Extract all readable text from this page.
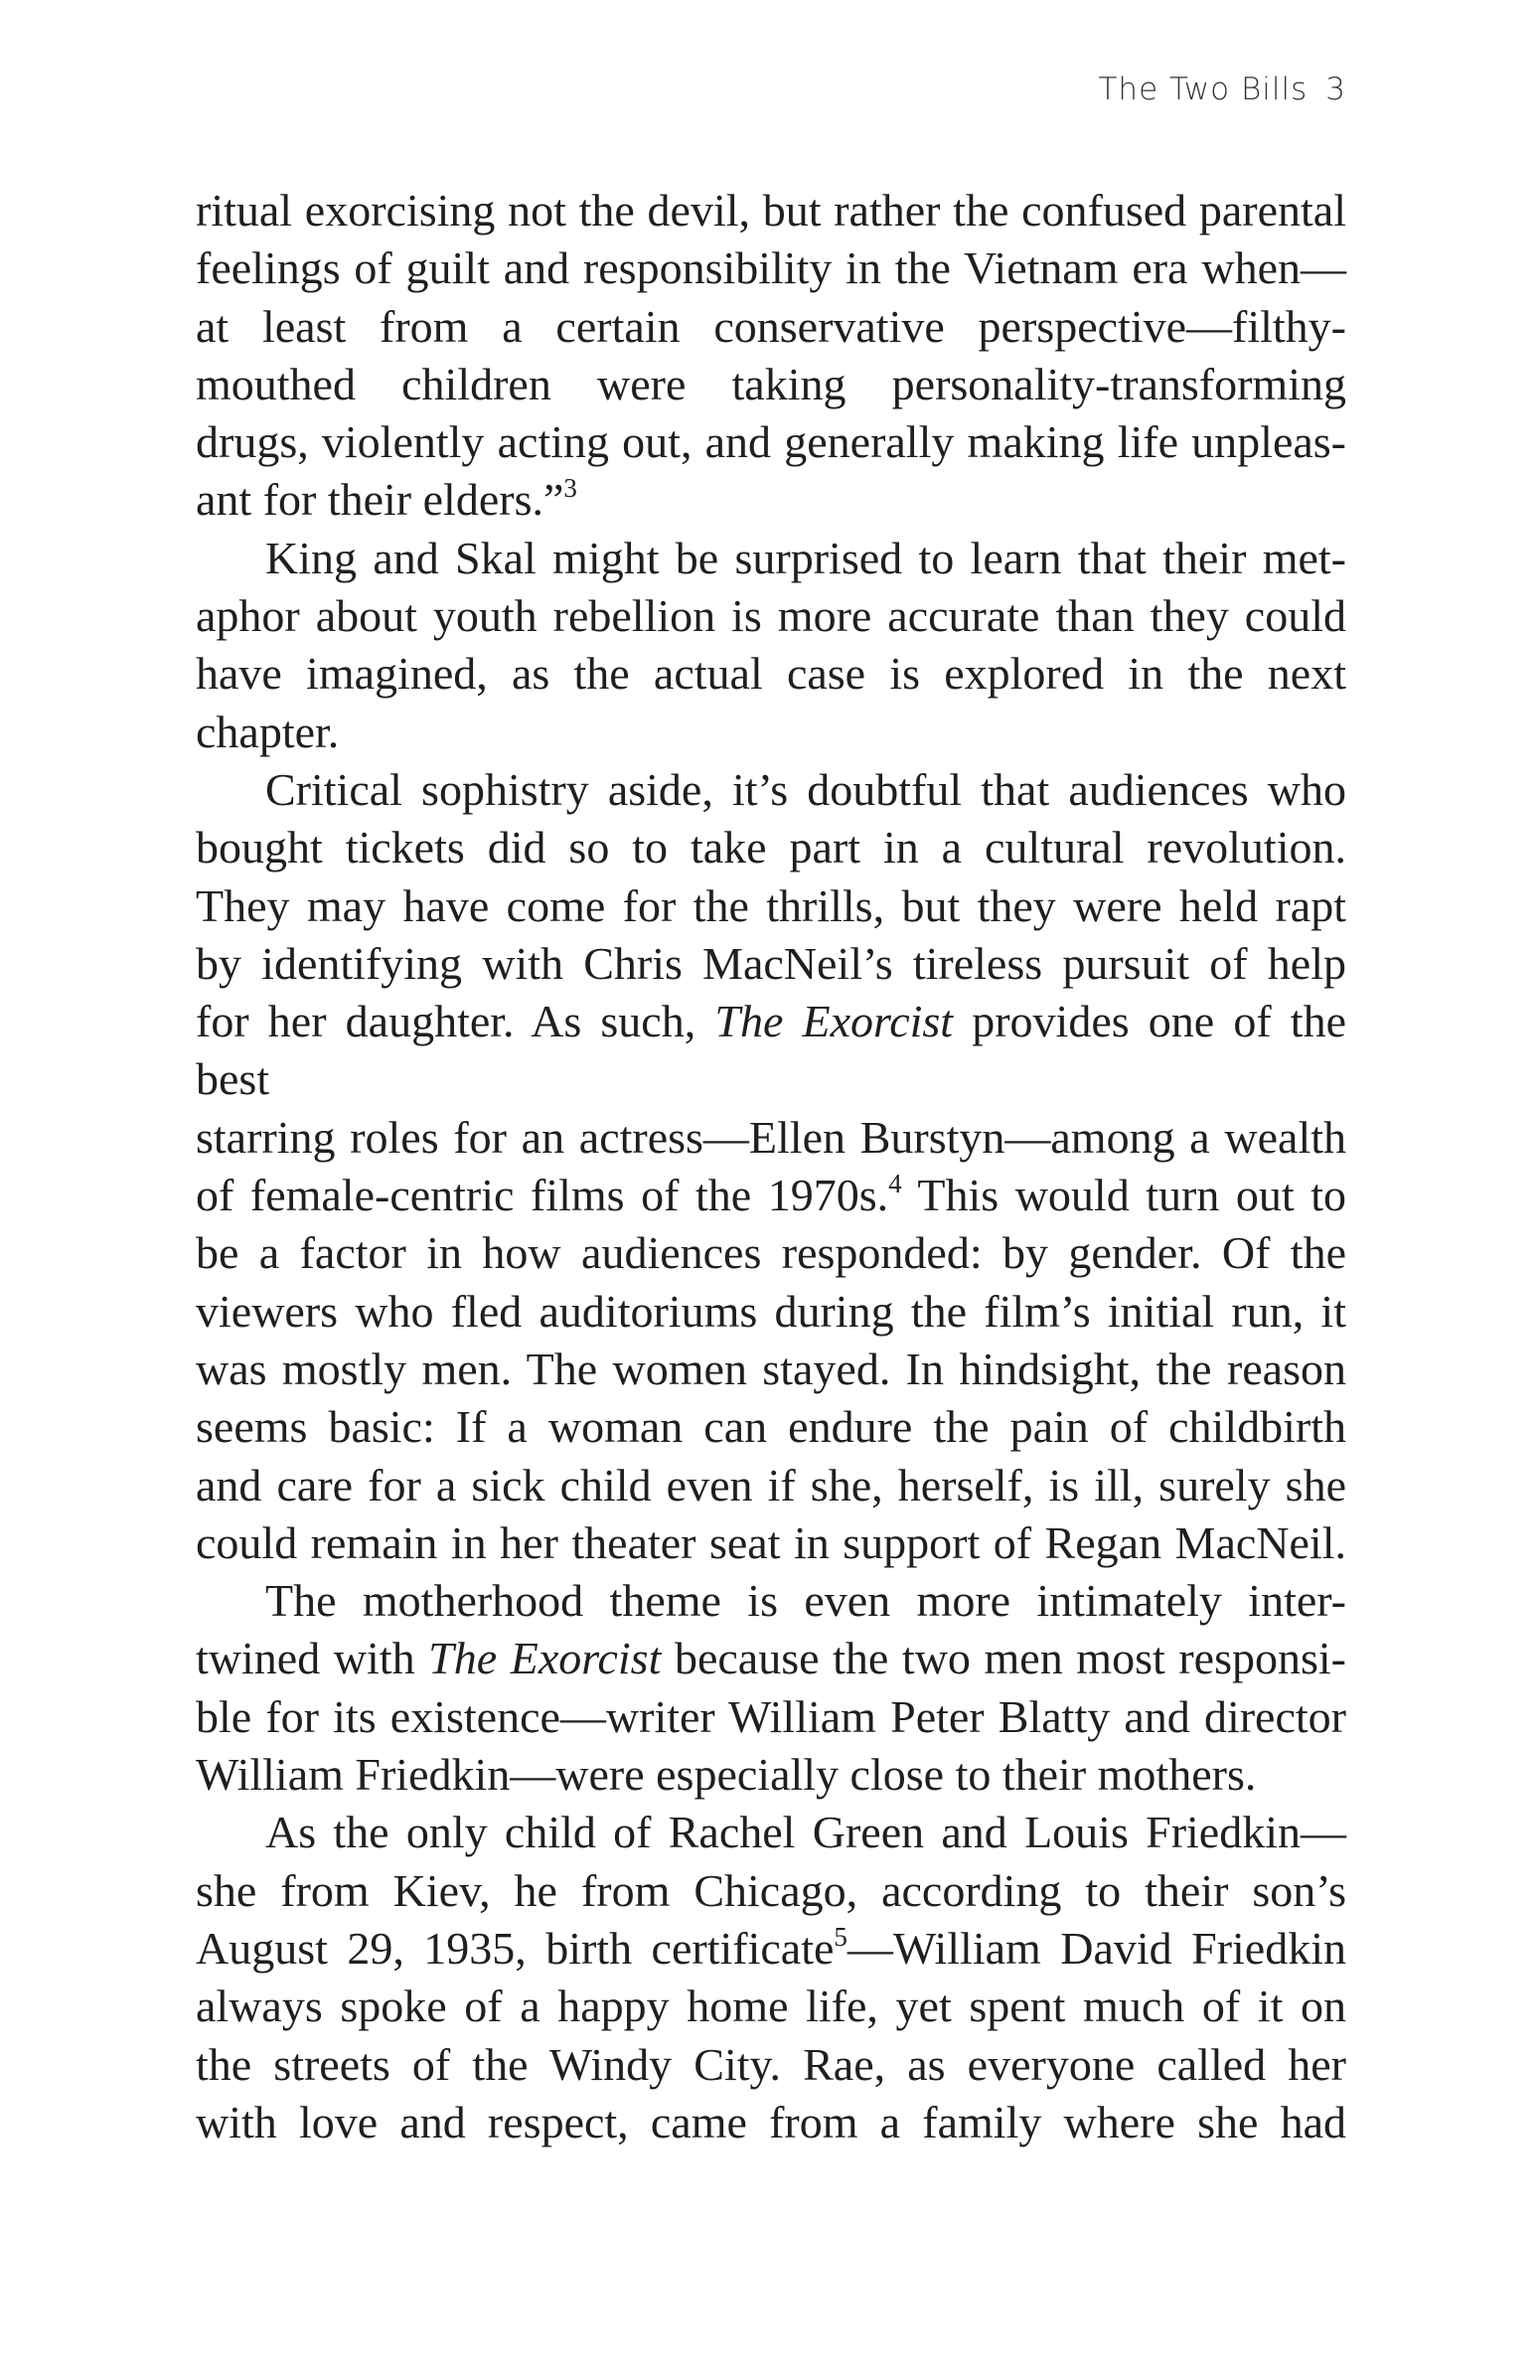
The Two Bills 3
ritual exorcising not the devil, but rather the confused parental
feelings of guilt and responsibility in the Vietnam era when—
at least from a certain conservative perspective—filthy-
mouthed children were taking personality-transforming
drugs, violently acting out, and generally making life unpleas-
ant for their elders.”$^3$
King and Skal might be surprised to learn that their met-
aphor about youth rebellion is more accurate than they could
have imagined, as the actual case is explored in the next
chapter.
Critical sophistry aside, it’s doubtful that audiences who
bought tickets did so to take part in a cultural revolution.
They may have come for the thrills, but they were held rapt
by identifying with Chris MacNeil’s tireless pursuit of help
for her daughter. As such, The Exorcist provides one of the best
starring roles for an actress—Ellen Burstyn—among a wealth
of female-centric films of the 1970s.$^4$ This would turn out to
be a factor in how audiences responded: by gender. Of the
viewers who fled auditoriums during the film’s initial run, it
was mostly men. The women stayed. In hindsight, the reason
seems basic: If a woman can endure the pain of childbirth
and care for a sick child even if she, herself, is ill, surely she
could remain in her theater seat in support of Regan MacNeil.
The motherhood theme is even more intimately inter-
twined with The Exorcist because the two men most responsi-
ble for its existence—writer William Peter Blatty and director
William Friedkin—were especially close to their mothers.
As the only child of Rachel Green and Louis Friedkin—
she from Kiev, he from Chicago, according to their son’s
August 29, 1935, birth certificate$^5$—William David Friedkin
always spoke of a happy home life, yet spent much of it on
the streets of the Windy City. Rae, as everyone called her
with love and respect, came from a family where she had
